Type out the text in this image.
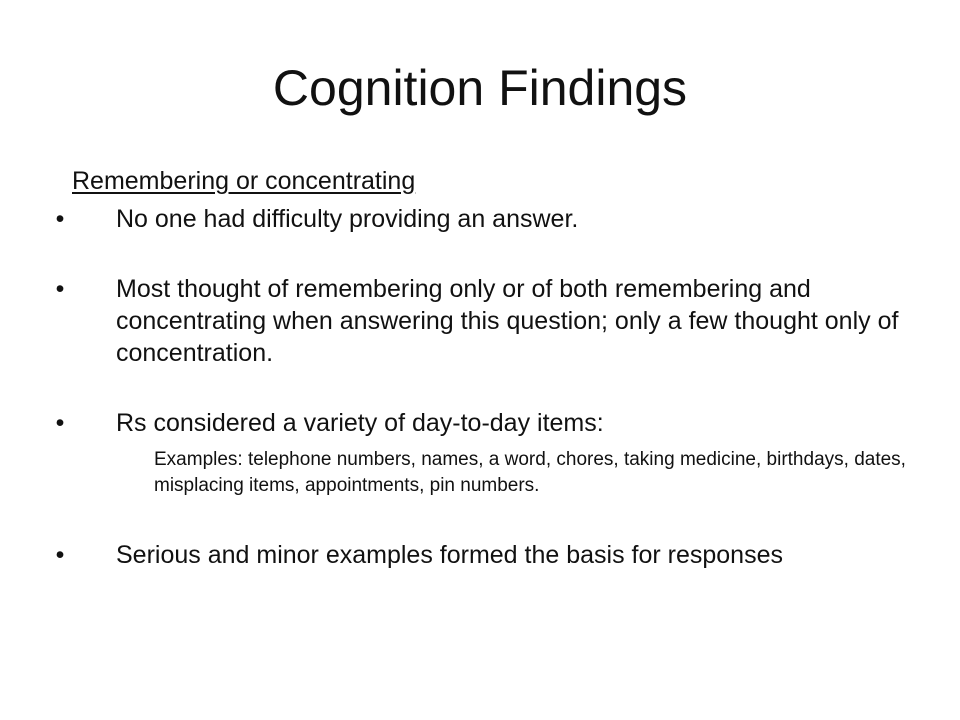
Cognition Findings
Remembering or concentrating
• No one had difficulty providing an answer.
• Most thought of remembering only or of both remembering and concentrating when answering this question; only a few thought only of concentration.
• Rs considered a variety of day-to-day items:
Examples: telephone numbers, names, a word, chores, taking medicine, birthdays, dates, misplacing items, appointments, pin numbers.
• Serious and minor examples formed the basis for responses
